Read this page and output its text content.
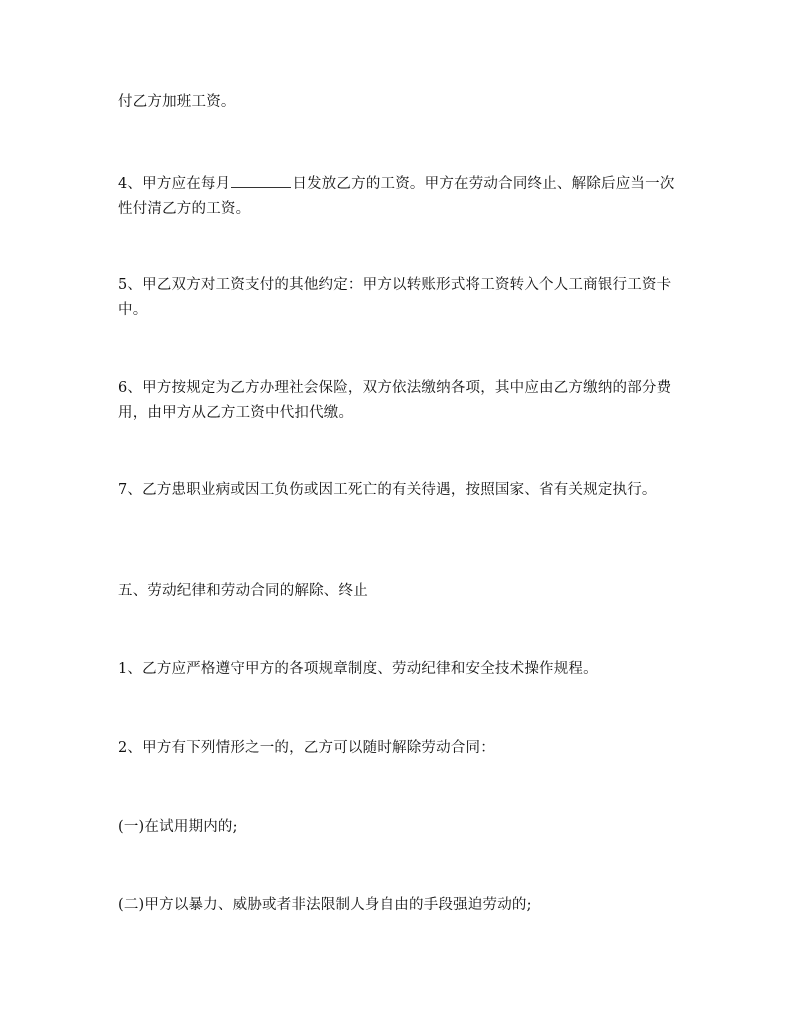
付乙方加班工资。

4、甲方应在每月	日发放乙方的工资。甲方在劳动合同终止、解除后应当一次性付清乙方的工资。

5、甲乙双方对工资支付的其他约定：甲方以转账形式将工资转入个人工商银行工资卡中。

6、甲方按规定为乙方办理社会保险，双方依法缴纳各项，其中应由乙方缴纳的部分费用，由甲方从乙方工资中代扣代缴。

7、乙方患职业病或因工负伤或因工死亡的有关待遇，按照国家、省有关规定执行。

五、劳动纪律和劳动合同的解除、终止

1、乙方应严格遵守甲方的各项规章制度、劳动纪律和安全技术操作规程。

2、甲方有下列情形之一的，乙方可以随时解除劳动合同：

(一)在试用期内的;

(二)甲方以暴力、威胁或者非法限制人身自由的手段强迫劳动的;
